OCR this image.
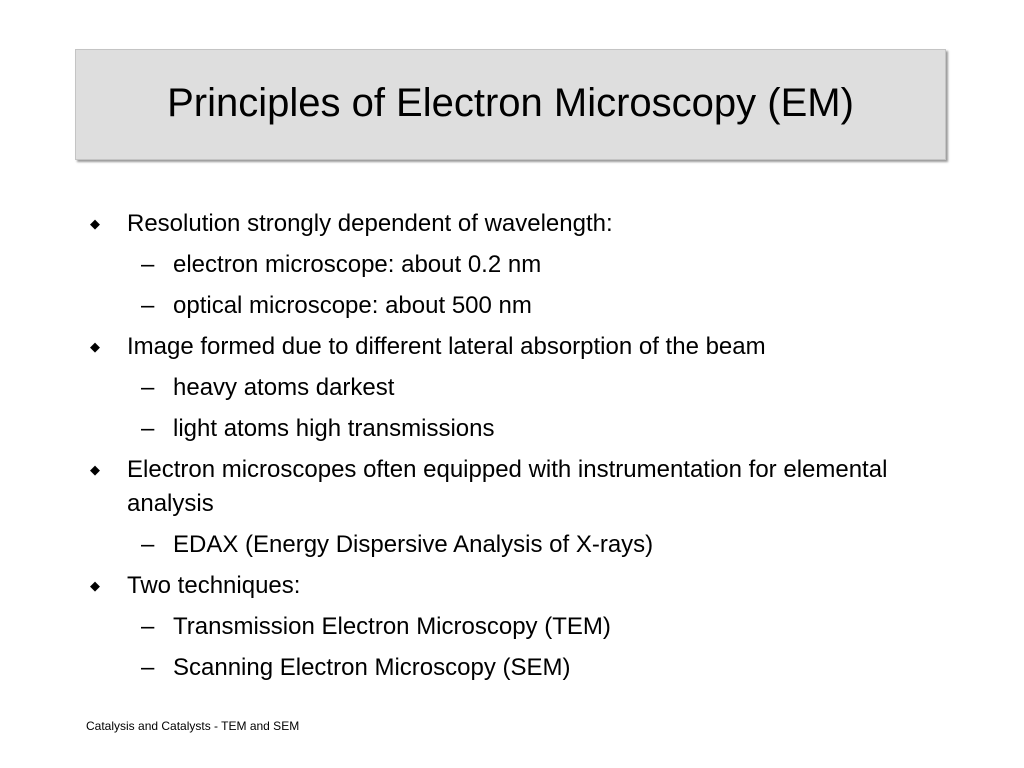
Principles of Electron Microscopy (EM)
◆ Resolution strongly dependent of wavelength:
– electron microscope: about 0.2 nm
– optical microscope: about 500 nm
◆ Image formed due to different lateral absorption of the beam
– heavy atoms darkest
– light atoms high transmissions
◆ Electron microscopes often equipped with instrumentation for elemental analysis
– EDAX (Energy Dispersive Analysis of X-rays)
◆ Two techniques:
– Transmission Electron Microscopy (TEM)
– Scanning Electron Microscopy (SEM)
Catalysis and Catalysts - TEM and SEM
